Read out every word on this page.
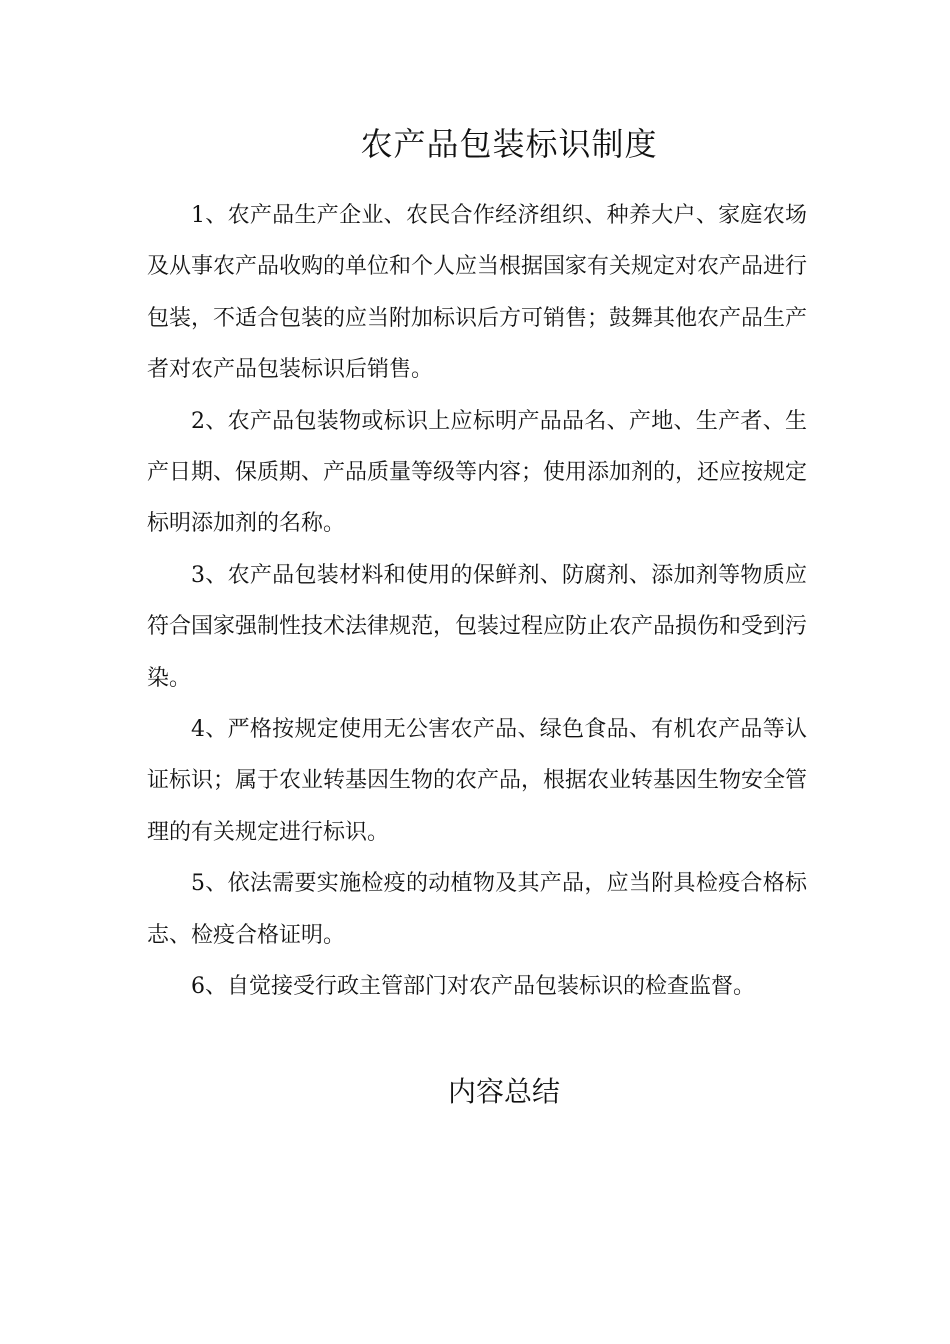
农产品包装标识制度

1、农产品生产企业、农民合作经济组织、种养大户、家庭农场及从事农产品收购的单位和个人应当根据国家有关规定对农产品进行包装，不适合包装的应当附加标识后方可销售；鼓舞其他农产品生产者对农产品包装标识后销售。

2、农产品包装物或标识上应标明产品品名、产地、生产者、生产日期、保质期、产品质量等级等内容；使用添加剂的，还应按规定标明添加剂的名称。

3、农产品包装材料和使用的保鲜剂、防腐剂、添加剂等物质应符合国家强制性技术法律规范，包装过程应防止农产品损伤和受到污染。

4、严格按规定使用无公害农产品、绿色食品、有机农产品等认证标识；属于农业转基因生物的农产品，根据农业转基因生物安全管理的有关规定进行标识。

5、依法需要实施检疫的动植物及其产品，应当附具检疫合格标志、检疫合格证明。

6、自觉接受行政主管部门对农产品包装标识的检查监督。

内容总结
